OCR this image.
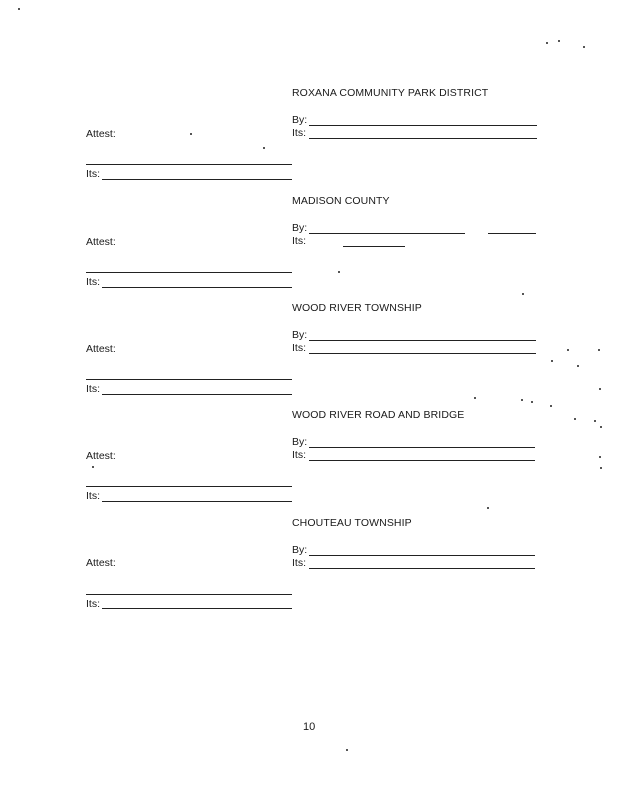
ROXANA COMMUNITY PARK DISTRICT
By:
Its:
Attest:
Its:
MADISON COUNTY
By:
Its:
Attest:
Its:
WOOD RIVER TOWNSHIP
By:
Its:
Attest:
Its:
WOOD RIVER ROAD AND BRIDGE
By:
Its:
Attest:
Its:
CHOUTEAU TOWNSHIP
By:
Its:
Attest:
Its:
10
